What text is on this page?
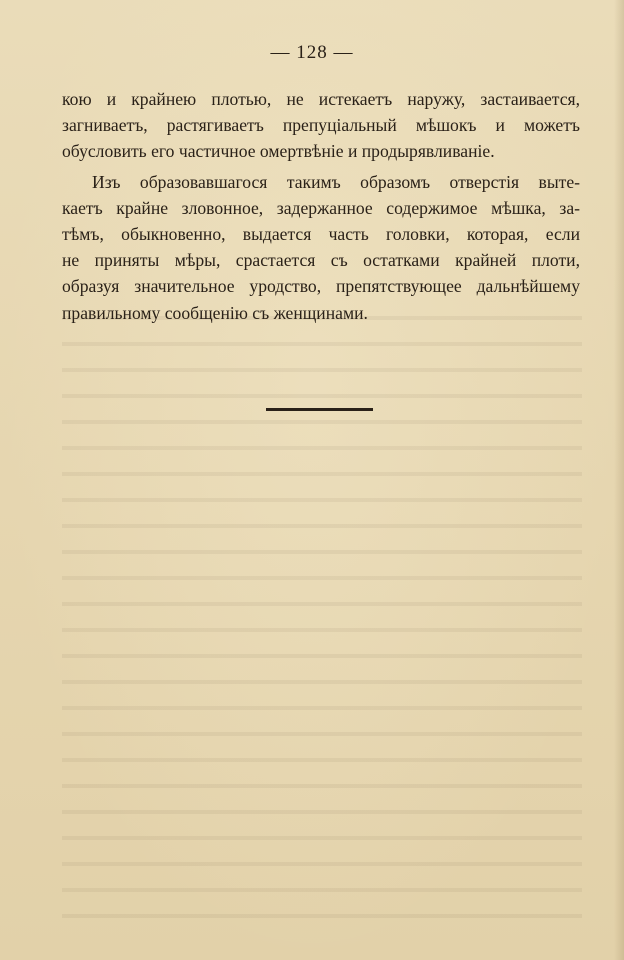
— 128 —
кою и крайнею плотью, не истекаетъ наружу, застаивается,
загниваетъ, растягиваетъ препуціальный мѣшокъ и можетъ
обусловить его частичное омертвѣніе и продырявливаніе.
Изъ образовавшагося такимъ образомъ отверстія выте-
каетъ крайне зловонное, задержанное содержимое мѣшка, за-
тѣмъ, обыкновенно, выдается часть головки, которая, если
не приняты мѣры, срастается съ остатками крайней плоти,
образуя значительное уродство, препятствующее дальнѣйшему
правильному сообщенію съ женщинами.
